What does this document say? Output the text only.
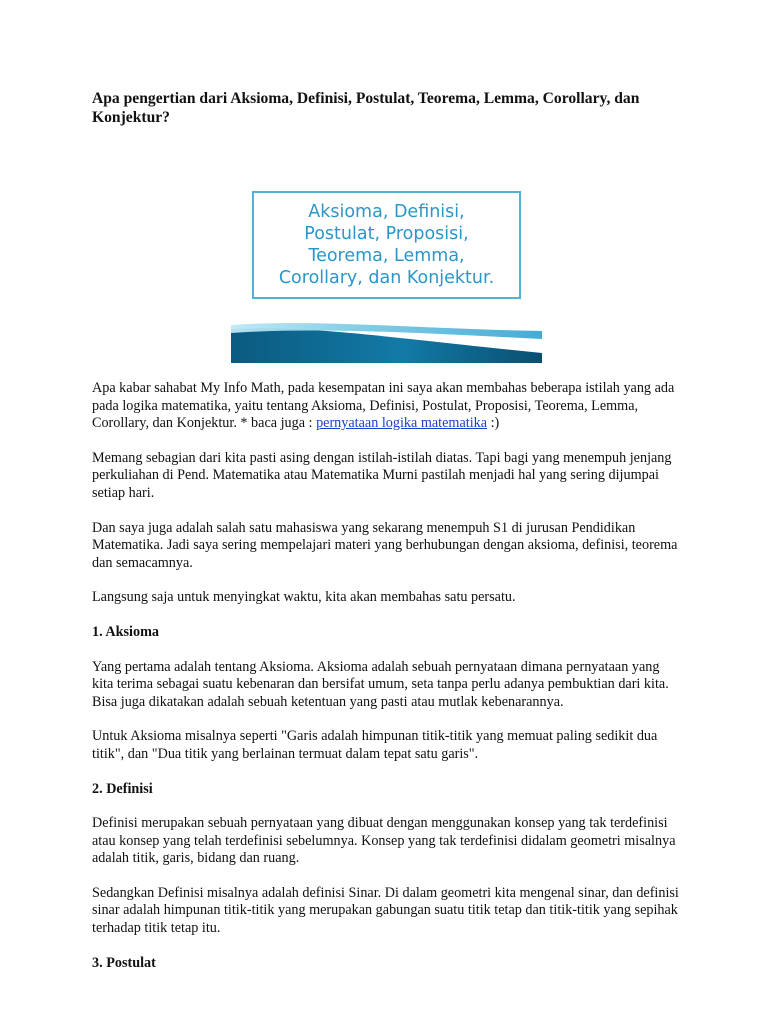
Apa pengertian dari Aksioma, Definisi, Postulat, Teorema, Lemma, Corollary, dan Konjektur?
Aksioma, Definisi,
Postulat, Proposisi,
Teorema, Lemma,
Corollary, dan Konjektur.

Apa kabar sahabat My Info Math, pada kesempatan ini saya akan membahas beberapa istilah yang ada pada logika matematika, yaitu tentang Aksioma, Definisi, Postulat, Proposisi, Teorema, Lemma, Corollary, dan Konjektur. * baca juga : pernyataan logika matematika :)

Memang sebagian dari kita pasti asing dengan istilah-istilah diatas. Tapi bagi yang menempuh jenjang perkuliahan di Pend. Matematika atau Matematika Murni pastilah menjadi hal yang sering dijumpai setiap hari.

Dan saya juga adalah salah satu mahasiswa yang sekarang menempuh S1 di jurusan Pendidikan Matematika. Jadi saya sering mempelajari materi yang berhubungan dengan aksioma, definisi, teorema dan semacamnya.

Langsung saja untuk menyingkat waktu, kita akan membahas satu persatu.

1. Aksioma

Yang pertama adalah tentang Aksioma. Aksioma adalah sebuah pernyataan dimana pernyataan yang kita terima sebagai suatu kebenaran dan bersifat umum, seta tanpa perlu adanya pembuktian dari kita. Bisa juga dikatakan adalah sebuah ketentuan yang pasti atau mutlak kebenarannya.

Untuk Aksioma misalnya seperti "Garis adalah himpunan titik-titik yang memuat paling sedikit dua titik", dan "Dua titik yang berlainan termuat dalam tepat satu garis".

2. Definisi

Definisi merupakan sebuah pernyataan yang dibuat dengan menggunakan konsep yang tak terdefinisi atau konsep yang telah terdefinisi sebelumnya. Konsep yang tak terdefinisi didalam geometri misalnya adalah titik, garis, bidang dan ruang.

Sedangkan Definisi misalnya adalah definisi Sinar. Di dalam geometri kita mengenal sinar, dan definisi sinar adalah himpunan titik-titik yang merupakan gabungan suatu titik tetap dan titik-titik yang sepihak terhadap titik tetap itu.

3. Postulat
